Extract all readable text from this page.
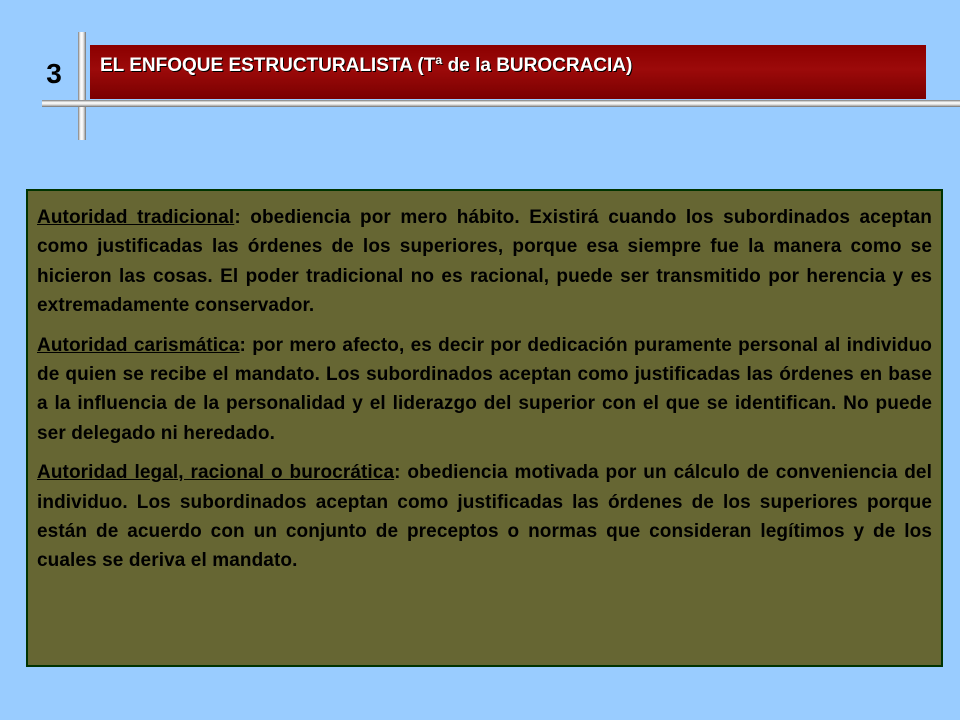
3	EL ENFOQUE ESTRUCTURALISTA (Tª de la BUROCRACIA)

Autoridad tradicional: obediencia por mero hábito. Existirá cuando los subordinados aceptan como justificadas las órdenes de los superiores, porque esa siempre fue la manera como se hicieron las cosas. El poder tradicional no es racional, puede ser transmitido por herencia y es extremadamente conservador.

Autoridad carismática: por mero afecto, es decir por dedicación puramente personal al individuo de quien se recibe el mandato. Los subordinados aceptan como justificadas las órdenes en base a la influencia de la personalidad y el liderazgo del superior con el que se identifican. No puede ser delegado ni heredado.

Autoridad legal, racional o burocrática: obediencia motivada por un cálculo de conveniencia del individuo. Los subordinados aceptan como justificadas las órdenes de los superiores porque están de acuerdo con un conjunto de preceptos o normas que consideran legítimos y de los cuales se deriva el mandato.
